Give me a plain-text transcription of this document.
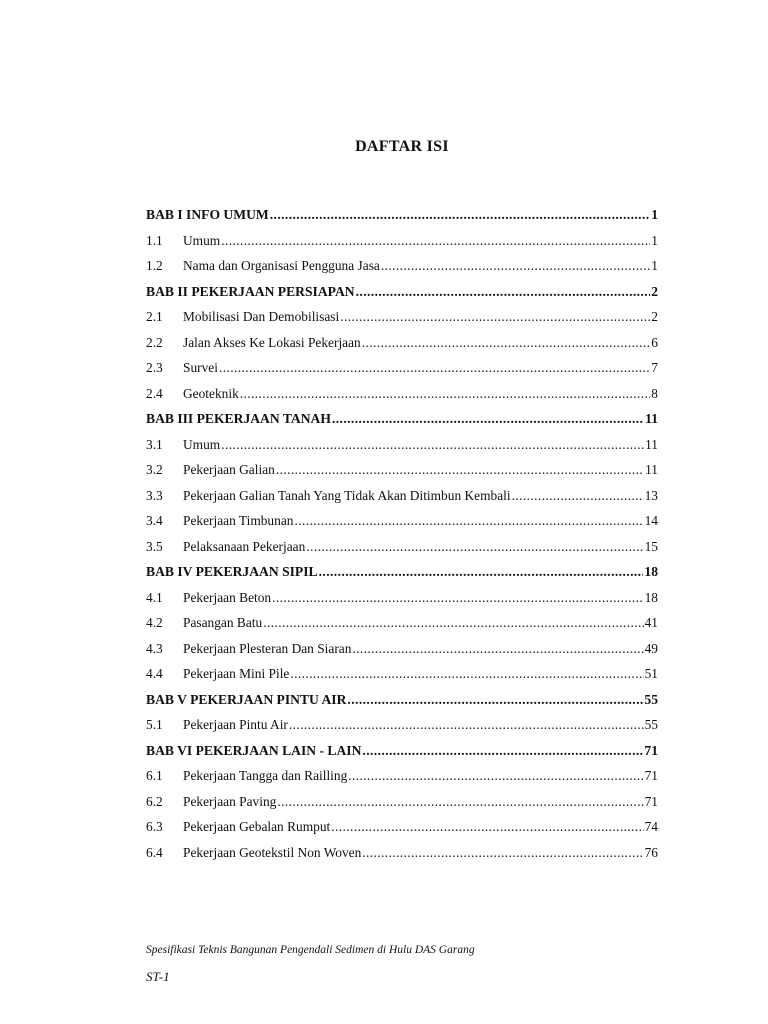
DAFTAR ISI
BAB I INFO UMUM .....	1
1.1	Umum .....	1
1.2	Nama dan Organisasi Pengguna Jasa .....	1
BAB II PEKERJAAN PERSIAPAN .....	2
2.1	Mobilisasi Dan Demobilisasi .....	2
2.2	Jalan Akses Ke Lokasi Pekerjaan .....	6
2.3	Survei .....	7
2.4	Geoteknik .....	8
BAB III PEKERJAAN TANAH .....	11
3.1	Umum .....	11
3.2	Pekerjaan Galian .....	11
3.3	Pekerjaan Galian Tanah Yang Tidak Akan Ditimbun Kembali .....	13
3.4	Pekerjaan Timbunan .....	14
3.5	Pelaksanaan Pekerjaan .....	15
BAB IV PEKERJAAN SIPIL .....	18
4.1	Pekerjaan Beton .....	18
4.2	Pasangan Batu .....	41
4.3	Pekerjaan Plesteran Dan Siaran .....	49
4.4	Pekerjaan Mini Pile .....	51
BAB V PEKERJAAN PINTU AIR .....	55
5.1	Pekerjaan Pintu Air .....	55
BAB VI PEKERJAAN LAIN - LAIN .....	71
6.1	Pekerjaan Tangga dan Railling .....	71
6.2	Pekerjaan Paving .....	71
6.3	Pekerjaan Gebalan Rumput .....	74
6.4	Pekerjaan Geotekstil Non Woven .....	76
Spesifikasi Teknis Bangunan Pengendali Sedimen di Hulu DAS Garang
ST-1
